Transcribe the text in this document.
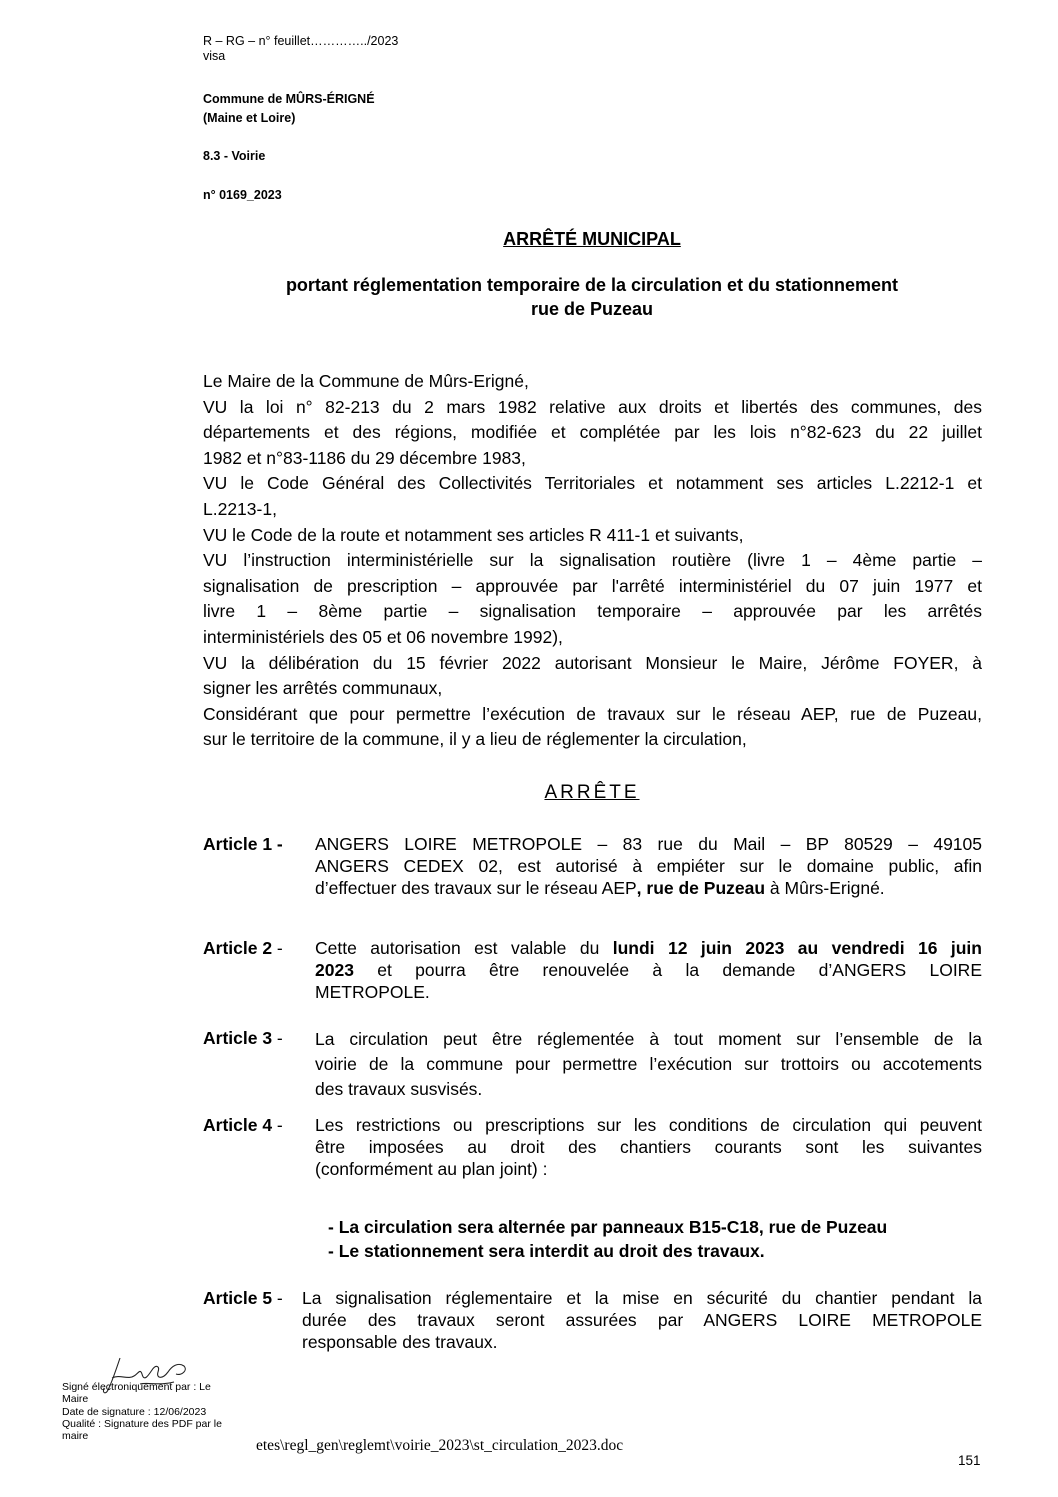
R – RG – n° feuillet…………../2023
visa
Commune de MÛRS-ÉRIGNÉ
(Maine et Loire)
8.3 - Voirie
n° 0169_2023
ARRÊTÉ MUNICIPAL
portant réglementation temporaire de la circulation et du stationnement
rue de Puzeau
Le Maire de la Commune de Mûrs-Erigné,
VU la loi n° 82-213 du 2 mars 1982 relative aux droits et libertés des communes, des
départements et des régions, modifiée et complétée par les lois n°82-623 du 22 juillet
1982 et n°83-1186 du 29 décembre 1983,
VU le Code Général des Collectivités Territoriales et notamment ses articles L.2212-1 et
L.2213-1,
VU le Code de la route et notamment ses articles R 411-1 et suivants,
VU l’instruction interministérielle sur la signalisation routière (livre 1 – 4ème partie –
signalisation de prescription – approuvée par l'arrêté interministériel du 07 juin 1977 et
livre 1 – 8ème partie – signalisation temporaire – approuvée par les arrêtés
interministériels des 05 et 06 novembre 1992),
VU la délibération du 15 février 2022 autorisant Monsieur le Maire, Jérôme FOYER, à
signer les arrêtés communaux,
Considérant que pour permettre l’exécution de travaux sur le réseau AEP, rue de Puzeau,
sur le territoire de la commune, il y a lieu de réglementer la circulation,
ARRÊTE
Article 1 - ANGERS LOIRE METROPOLE – 83 rue du Mail – BP 80529 – 49105
ANGERS CEDEX 02, est autorisé à empiéter sur le domaine public, afin
d’effectuer des travaux sur le réseau AEP, rue de Puzeau à Mûrs-Erigné.
Article 2 - Cette autorisation est valable du lundi 12 juin 2023 au vendredi 16 juin
2023 et pourra être renouvelée à la demande d’ANGERS LOIRE
METROPOLE.
Article 3 - La circulation peut être réglementée à tout moment sur l’ensemble de la
voirie de la commune pour permettre l’exécution sur trottoirs ou accotements
des travaux susvisés.
Article 4 - Les restrictions ou prescriptions sur les conditions de circulation qui peuvent
être imposées au droit des chantiers courants sont les suivantes
(conformément au plan joint) :
- La circulation sera alternée par panneaux B15-C18, rue de Puzeau
- Le stationnement sera interdit au droit des travaux.
Article 5 - La signalisation réglementaire et la mise en sécurité du chantier pendant la
durée des travaux seront assurées par ANGERS LOIRE METROPOLE
responsable des travaux.
Signé électroniquement par : Le
Maire
Date de signature : 12/06/2023
Qualité : Signature des PDF par le
maire
etes\regl_gen\reglemt\voirie_2023\st_circulation_2023.doc
151
